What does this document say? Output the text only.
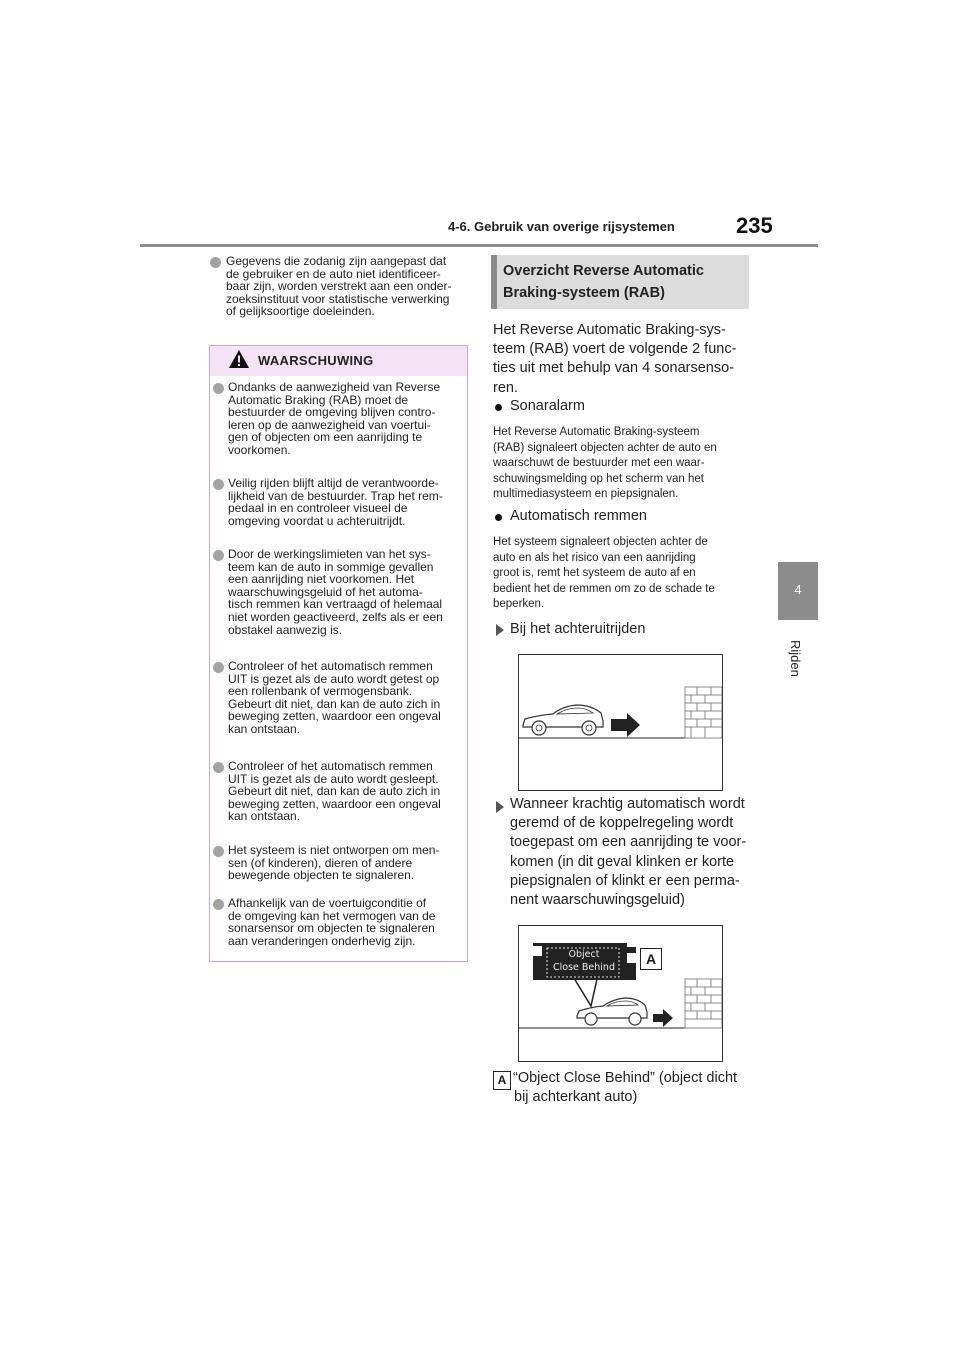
4-6. Gebruik van overige rijsystemen	235
4
Rijden
Gegevens die zodanig zijn aangepast dat
de gebruiker en de auto niet identificeer-
baar zijn, worden verstrekt aan een onder-
zoeksinstituut voor statistische verwerking
of gelijksoortige doeleinden.
WAARSCHUWING
Ondanks de aanwezigheid van Reverse
Automatic Braking (RAB) moet de
bestuurder de omgeving blijven contro-
leren op de aanwezigheid van voertui-
gen of objecten om een aanrijding te
voorkomen.
Veilig rijden blijft altijd de verantwoorde-
lijkheid van de bestuurder. Trap het rem-
pedaal in en controleer visueel de
omgeving voordat u achteruitrijdt.
Door de werkingslimieten van het sys-
teem kan de auto in sommige gevallen
een aanrijding niet voorkomen. Het
waarschuwingsgeluid of het automa-
tisch remmen kan vertraagd of helemaal
niet worden geactiveerd, zelfs als er een
obstakel aanwezig is.
Controleer of het automatisch remmen
UIT is gezet als de auto wordt getest op
een rollenbank of vermogensbank.
Gebeurt dit niet, dan kan de auto zich in
beweging zetten, waardoor een ongeval
kan ontstaan.
Controleer of het automatisch remmen
UIT is gezet als de auto wordt gesleept.
Gebeurt dit niet, dan kan de auto zich in
beweging zetten, waardoor een ongeval
kan ontstaan.
Het systeem is niet ontworpen om men-
sen (of kinderen), dieren of andere
bewegende objecten te signaleren.
Afhankelijk van de voertuigconditie of
de omgeving kan het vermogen van de
sonarsensor om objecten te signaleren
aan veranderingen onderhevig zijn.
Overzicht Reverse Automatic
Braking-systeem (RAB)
Het Reverse Automatic Braking-sys-
teem (RAB) voert de volgende 2 func-
ties uit met behulp van 4 sonarsenso-
ren.
Sonaralarm
Het Reverse Automatic Braking-systeem
(RAB) signaleert objecten achter de auto en
waarschuwt de bestuurder met een waar-
schuwingsmelding op het scherm van het
multimediasysteem en piepsignalen.
Automatisch remmen
Het systeem signaleert objecten achter de
auto en als het risico van een aanrijding
groot is, remt het systeem de auto af en
bedient het de remmen om zo de schade te
beperken.
Bij het achteruitrijden
Wanneer krachtig automatisch wordt
geremd of de koppelregeling wordt
toegepast om een aanrijding te voor-
komen (in dit geval klinken er korte
piepsignalen of klinkt er een perma-
nent waarschuwingsgeluid)
Object
Close Behind
A
A “Object Close Behind” (object dicht
bij achterkant auto)
